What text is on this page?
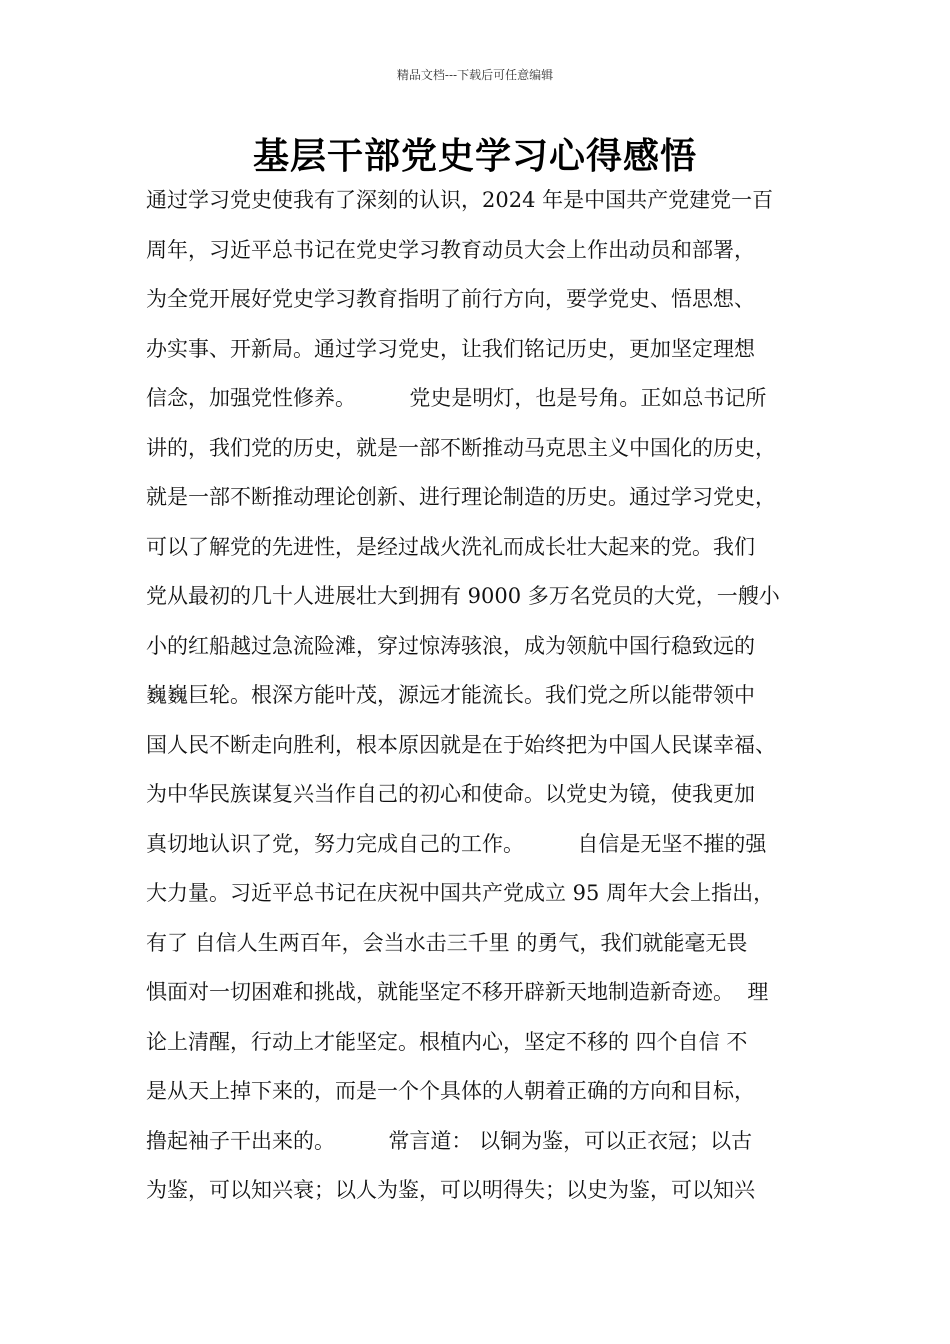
精品文档---下载后可任意编辑
基层干部党史学习心得感悟
通过学习党史使我有了深刻的认识，2024 年是中国共产党建党一百
周年，习近平总书记在党史学习教育动员大会上作出动员和部署，
为全党开展好党史学习教育指明了前行方向，要学党史、悟思想、
办实事、开新局。通过学习党史，让我们铭记历史，更加坚定理想
信念，加强党性修养。        党史是明灯，也是号角。正如总书记所
讲的，我们党的历史，就是一部不断推动马克思主义中国化的历史，
就是一部不断推动理论创新、进行理论制造的历史。通过学习党史，
可以了解党的先进性，是经过战火洗礼而成长壮大起来的党。我们
党从最初的几十人进展壮大到拥有 9000 多万名党员的大党，一艘小
小的红船越过急流险滩，穿过惊涛骇浪，成为领航中国行稳致远的
巍巍巨轮。根深方能叶茂，源远才能流长。我们党之所以能带领中
国人民不断走向胜利，根本原因就是在于始终把为中国人民谋幸福、
为中华民族谋复兴当作自己的初心和使命。以党史为镜，使我更加
真切地认识了党，努力完成自己的工作。        自信是无坚不摧的强
大力量。习近平总书记在庆祝中国共产党成立 95 周年大会上指出，
有了 自信人生两百年，会当水击三千里 的勇气，我们就能毫无畏
惧面对一切困难和挑战，就能坚定不移开辟新天地制造新奇迹。  理
论上清醒，行动上才能坚定。根植内心，坚定不移的 四个自信 不
是从天上掉下来的，而是一个个具体的人朝着正确的方向和目标，
撸起袖子干出来的。        常言道： 以铜为鉴，可以正衣冠；以古
为鉴，可以知兴衰；以人为鉴，可以明得失；以史为鉴，可以知兴
